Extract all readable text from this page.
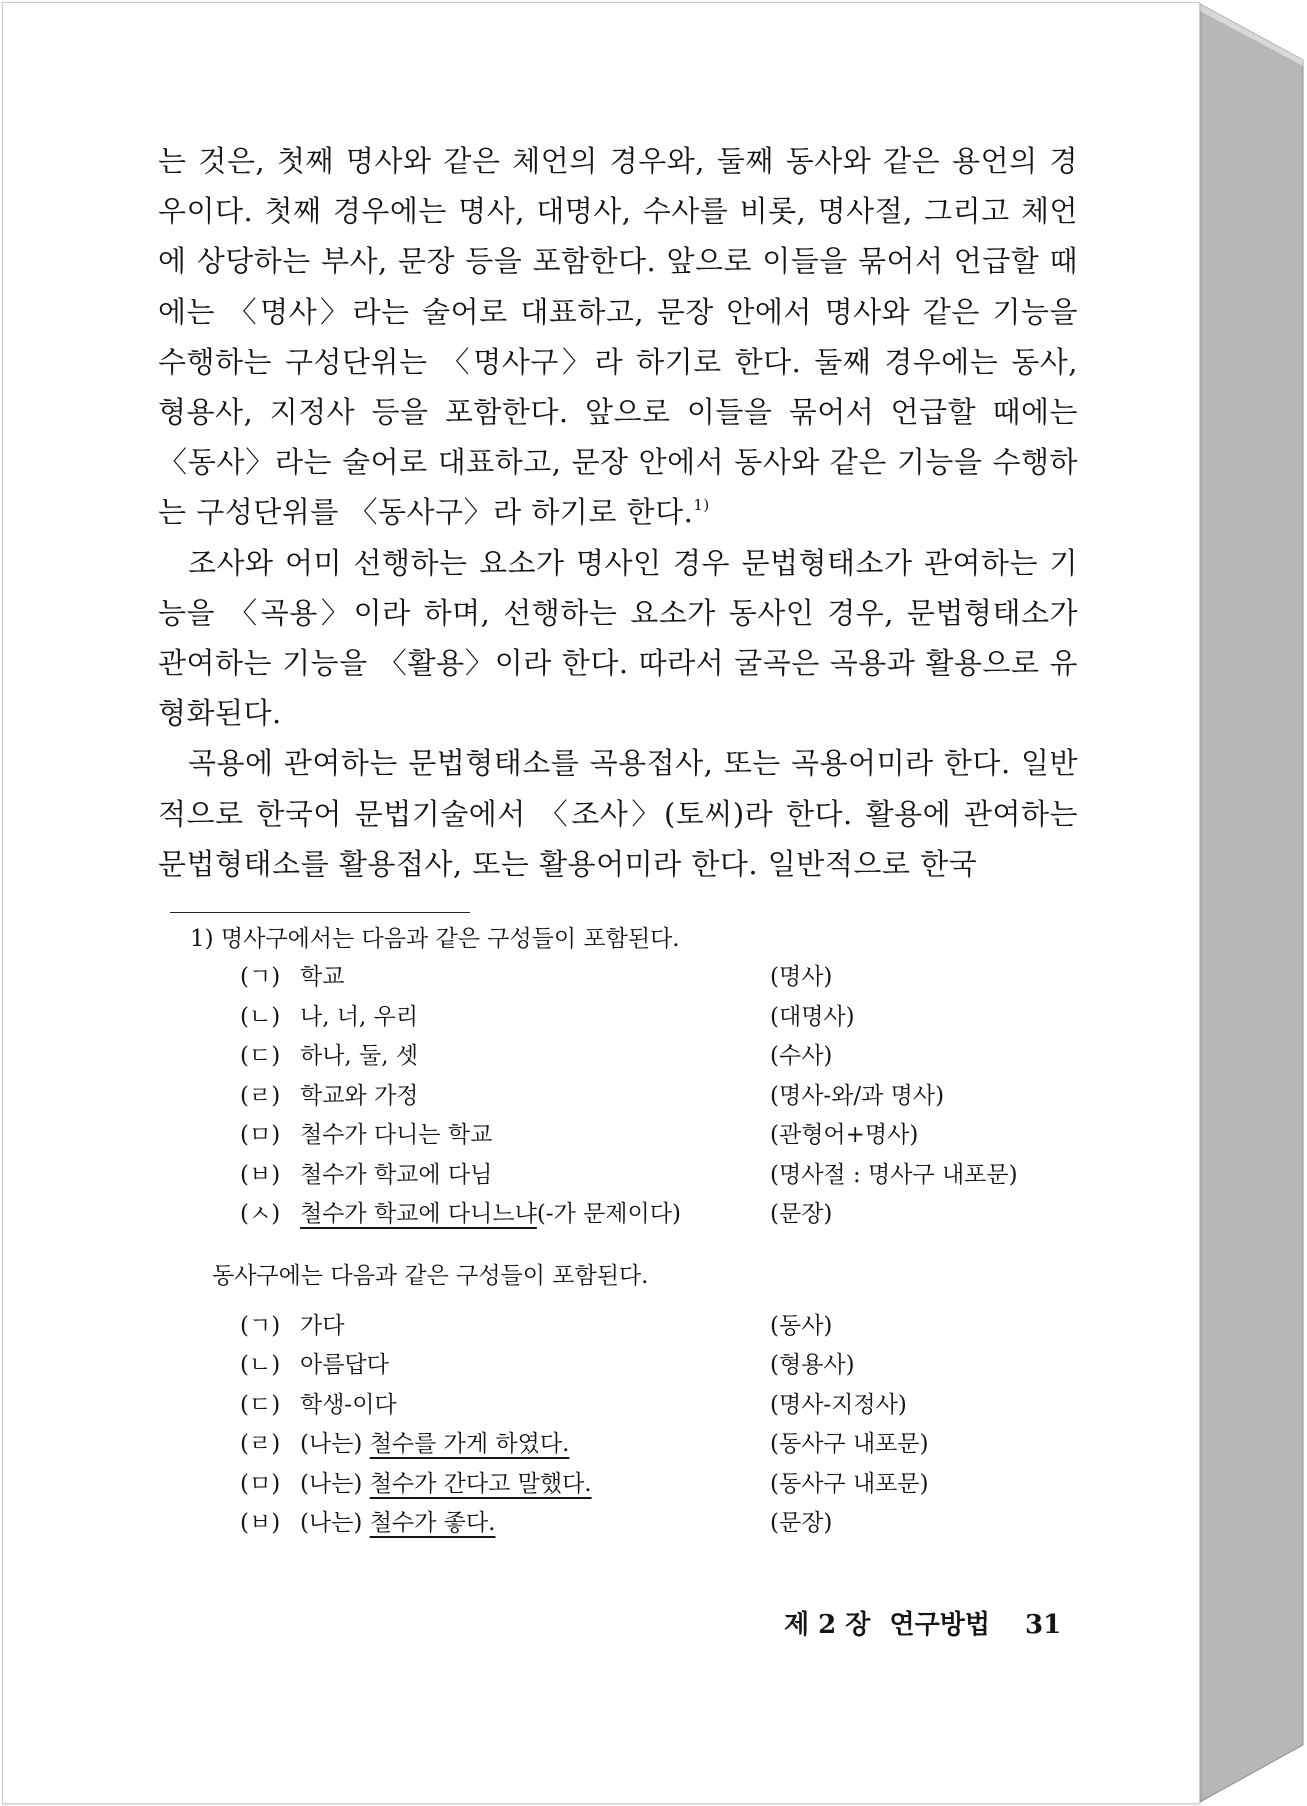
는 것은, 첫째 명사와 같은 체언의 경우와, 둘째 동사와 같은 용언의 경우이다. 첫째 경우에는 명사, 대명사, 수사를 비롯, 명사절, 그리고 체언에 상당하는 부사, 문장 등을 포함한다. 앞으로 이들을 묶어서 언급할 때에는 〈명사〉라는 술어로 대표하고, 문장 안에서 명사와 같은 기능을 수행하는 구성단위는 〈명사구〉라 하기로 한다. 둘째 경우에는 동사, 형용사, 지정사 등을 포함한다. 앞으로 이들을 묶어서 언급할 때에는 〈동사〉라는 술어로 대표하고, 문장 안에서 동사와 같은 기능을 수행하는 구성단위를 〈동사구〉라 하기로 한다.$^{1)}$

조사와 어미 선행하는 요소가 명사인 경우 문법형태소가 관여하는 기능을 〈곡용〉이라 하며, 선행하는 요소가 동사인 경우, 문법형태소가 관여하는 기능을 〈활용〉이라 한다. 따라서 굴곡은 곡용과 활용으로 유형화된다.

곡용에 관여하는 문법형태소를 곡용접사, 또는 곡용어미라 한다. 일반적으로 한국어 문법기술에서 〈조사〉(토씨)라 한다. 활용에 관여하는 문법형태소를 활용접사, 또는 활용어미라 한다. 일반적으로 한국

1) 명사구에서는 다음과 같은 구성들이 포함된다.

(ㄱ) 학교	(명사)
(ㄴ) 나, 너, 우리	(대명사)
(ㄷ) 하나, 둘, 셋	(수사)
(ㄹ) 학교와 가정	(명사-와/과 명사)
(ㅁ) 철수가 다니는 학교	(관형어+명사)
(ㅂ) 철수가 학교에 다님	(명사절 : 명사구 내포문)
(ㅅ) 철수가 학교에 다니느냐(-가 문제이다)	(문장)

동사구에는 다음과 같은 구성들이 포함된다.

(ㄱ) 가다	(동사)
(ㄴ) 아름답다	(형용사)
(ㄷ) 학생-이다	(명사-지정사)
(ㄹ) (나는) 철수를 가게 하였다.	(동사구 내포문)
(ㅁ) (나는) 철수가 간다고 말했다.	(동사구 내포문)
(ㅂ) (나는) 철수가 좋다.	(문장)
제 2 장 연구방법 31
